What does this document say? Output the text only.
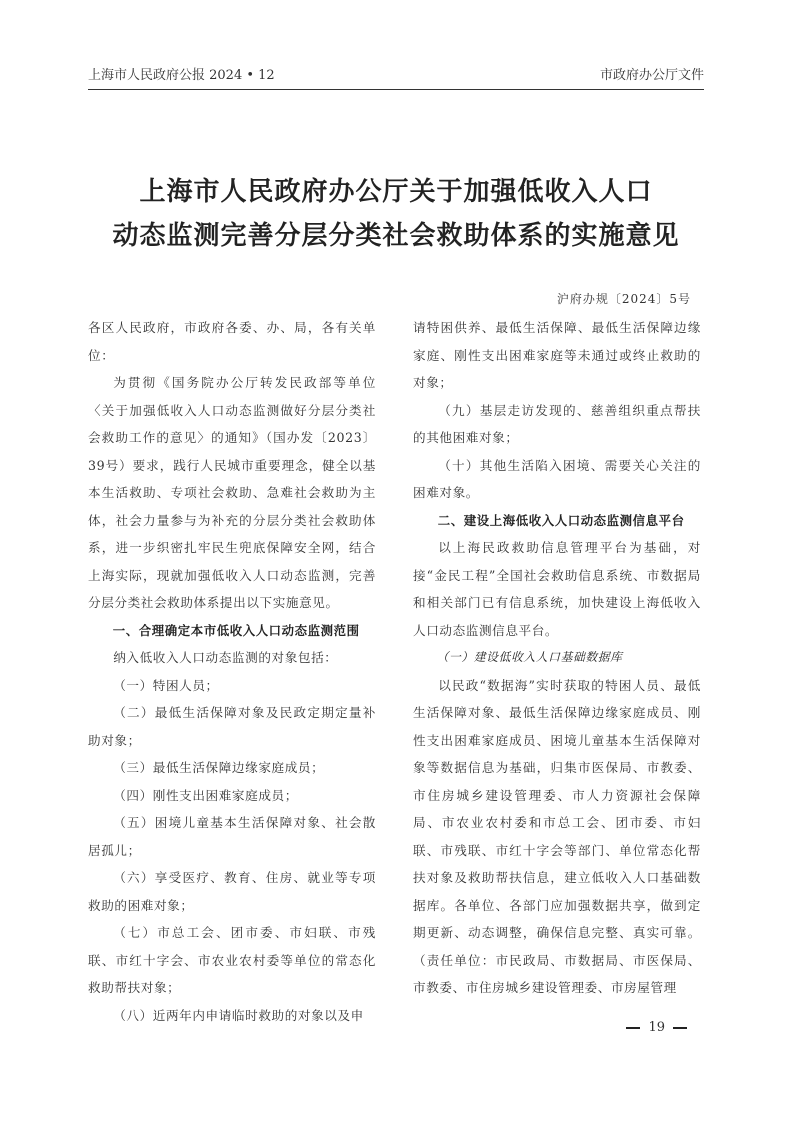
上海市人民政府公报 2024 • 12	市政府办公厅文件
上海市人民政府办公厅关于加强低收入人口
动态监测完善分层分类社会救助体系的实施意见
沪府办规〔2024〕5号

各区人民政府，市政府各委、办、局，各有关单位：

为贯彻《国务院办公厅转发民政部等单位〈关于加强低收入人口动态监测做好分层分类社会救助工作的意见〉的通知》（国办发〔2023〕39号）要求，践行人民城市重要理念，健全以基本生活救助、专项社会救助、急难社会救助为主体，社会力量参与为补充的分层分类社会救助体系，进一步织密扎牢民生兜底保障安全网，结合上海实际，现就加强低收入人口动态监测，完善分层分类社会救助体系提出以下实施意见。

一、合理确定本市低收入人口动态监测范围

纳入低收入人口动态监测的对象包括：

（一）特困人员；

（二）最低生活保障对象及民政定期定量补助对象；

（三）最低生活保障边缘家庭成员；

（四）刚性支出困难家庭成员；

（五）困境儿童基本生活保障对象、社会散居孤儿；

（六）享受医疗、教育、住房、就业等专项救助的困难对象；

（七）市总工会、团市委、市妇联、市残联、市红十字会、市农业农村委等单位的常态化救助帮扶对象；

（八）近两年内申请临时救助的对象以及申

请特困供养、最低生活保障、最低生活保障边缘家庭、刚性支出困难家庭等未通过或终止救助的对象；

（九）基层走访发现的、慈善组织重点帮扶的其他困难对象；

（十）其他生活陷入困境、需要关心关注的困难对象。

二、建设上海低收入人口动态监测信息平台

以上海民政救助信息管理平台为基础，对接“金民工程”全国社会救助信息系统、市数据局和相关部门已有信息系统，加快建设上海低收入人口动态监测信息平台。

（一）建设低收入人口基础数据库

以民政“数据海”实时获取的特困人员、最低生活保障对象、最低生活保障边缘家庭成员、刚性支出困难家庭成员、困境儿童基本生活保障对象等数据信息为基础，归集市医保局、市教委、市住房城乡建设管理委、市人力资源社会保障局、市农业农村委和市总工会、团市委、市妇联、市残联、市红十字会等部门、单位常态化帮扶对象及救助帮扶信息，建立低收入人口基础数据库。各单位、各部门应加强数据共享，做到定期更新、动态调整，确保信息完整、真实可靠。（责任单位：市民政局、市数据局、市医保局、市教委、市住房城乡建设管理委、市房屋管理

19
